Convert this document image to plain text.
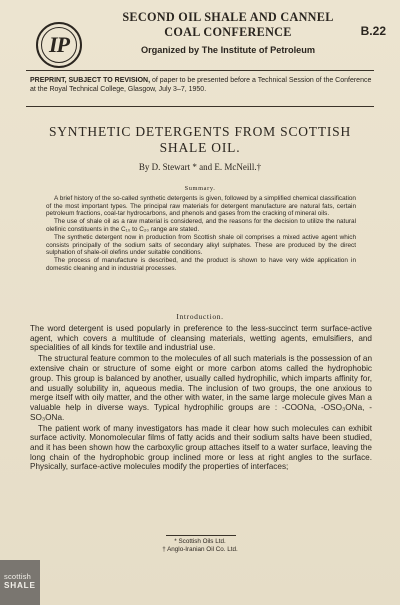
IP
SECOND OIL SHALE AND CANNEL
COAL CONFERENCE	B.22
Organized by The Institute of Petroleum
PREPRINT, SUBJECT TO REVISION, of paper to be presented before a Technical Session of the Conference at the Royal Technical College, Glasgow, July 3–7, 1950.
SYNTHETIC DETERGENTS FROM SCOTTISH
SHALE OIL.
By D. Stewart * and E. McNeill.†
Summary.

A brief history of the so-called synthetic detergents is given, followed by a simplified chemical classification of the most important types. The principal raw materials for detergent manufacture are natural fats, certain petroleum fractions, coal-tar hydrocarbons, and phenols and gases from the cracking of mineral oils.

The use of shale oil as a raw material is considered, and the reasons for the decision to utilize the natural olefinic constituents in the C₁₀ to C₂₀ range are stated.

The synthetic detergent now in production from Scottish shale oil comprises a mixed active agent which consists principally of the sodium salts of secondary alkyl sulphates. These are produced by the direct sulphation of shale-oil olefins under suitable conditions.

The process of manufacture is described, and the product is shown to have very wide application in domestic cleaning and in industrial processes.

Introduction.

The word detergent is used popularly in preference to the less-succinct term surface-active agent, which covers a multitude of cleansing materials, wetting agents, emulsifiers, and specialities of all kinds for textile and industrial use.

The structural feature common to the molecules of all such materials is the possession of an extensive chain or structure of some eight or more carbon atoms called the hydrophobic group. This group is balanced by another, usually called hydrophilic, which imparts affinity for, and usually solubility in, aqueous media. The inclusion of two groups, the one anxious to merge itself with oily matter, and the other with water, in the same large molecule gives Man a valuable help in diverse ways. Typical hydrophilic groups are : -COONa, -OSO₃ONa, -SO₃ONa.

The patient work of many investigators has made it clear how such molecules can exhibit surface activity. Monomolecular films of fatty acids and their sodium salts have been studied, and it has been shown how the carboxylic group attaches itself to a water surface, leaving the long chain of the hydrophobic group inclined more or less at right angles to the surface. Physically, surface-active molecules modify the properties of interfaces;

* Scottish Oils Ltd.
† Anglo-Iranian Oil Co. Ltd.
scottish
SHALE
